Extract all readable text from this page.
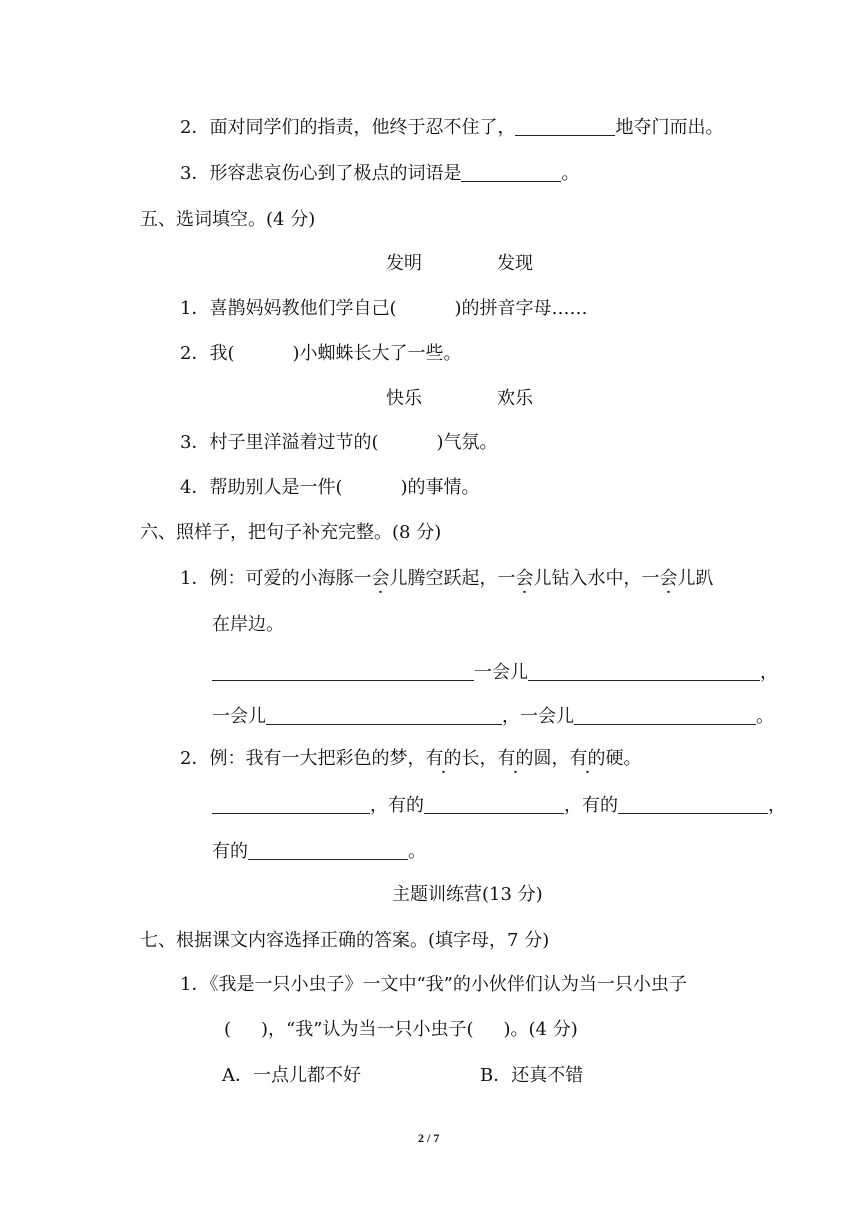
2．面对同学们的指责，他终于忍不住了，	地夺门而出。
3．形容悲哀伤心到了极点的词语是	。
五、选词填空。(4 分)
发明	发现
1．喜鹊妈妈教他们学自己(	)的拼音字母……
2．我(	)小蜘蛛长大了一些。
快乐	欢乐
3．村子里洋溢着过节的(	)气氛。
4．帮助别人是一件(	)的事情。
六、照样子，把句子补充完整。(8 分)
1．例：可爱的小海豚一会儿腾空跃起，一会儿钻入水中，一会儿趴
在岸边。
一会儿	，
一会儿	，一会儿	。
2．例：我有一大把彩色的梦，有的长，有的圆，有的硬。
，有的	，有的	，
有的	。
主题训练营(13 分)
七、根据课文内容选择正确的答案。(填字母，7 分)
1．《我是一只小虫子》一文中“我”的小伙伴们认为当一只小虫子
( )，“我”认为当一只小虫子( )。(4 分)
A．一点儿都不好	B．还真不错
2 / 7
